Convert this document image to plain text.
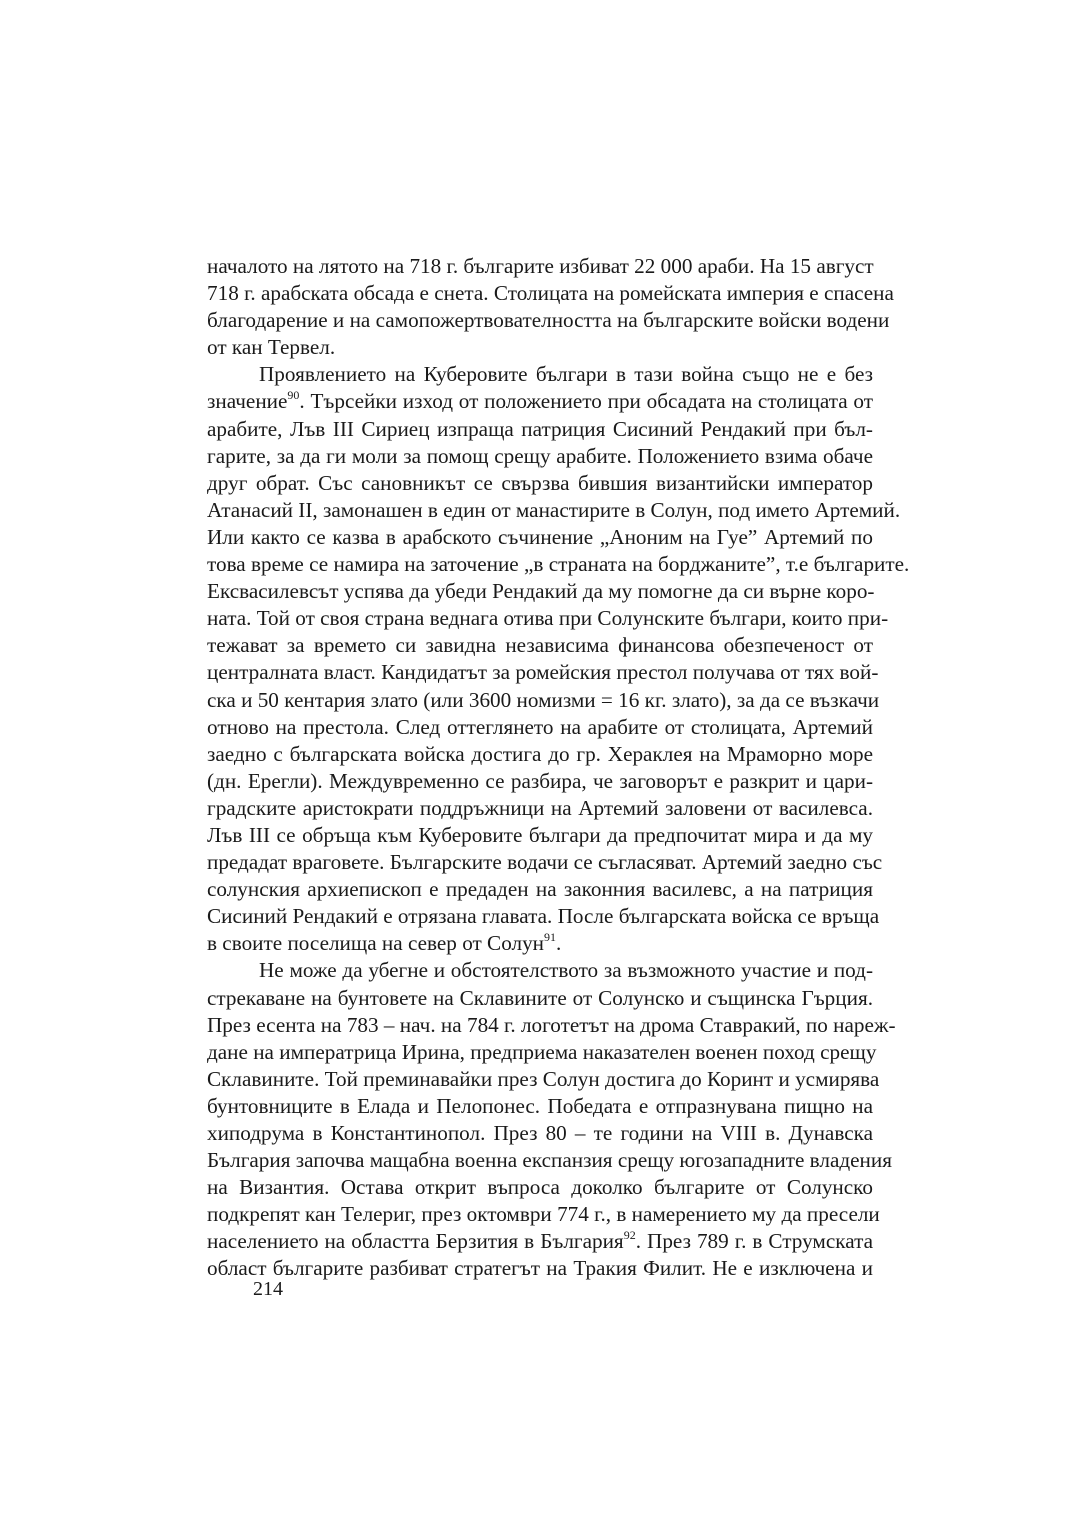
началото на лятото на 718 г. българите избиват 22 000 араби. На 15 август
718 г. арабската обсада е снета. Столицата на ромейската империя е спасена
благодарение и на самопожертвователността на българските войски водени
от кан Тервел.
Проявлението на Куберовите българи в тази война също не е без
значение$^{90}$. Търсейки изход от положението при обсадата на столицата от
арабите, Лъв III Сириец изпраща патриция Сисиний Рендакий при бъл-
гарите, за да ги моли за помощ срещу арабите. Положението взима обаче
друг обрат. Със сановникът се свързва бившия византийски император
Атанасий II, замонашен в един от манастирите в Солун, под името Артемий.
Или както се казва в арабското съчинение „Аноним на Гуе” Артемий по
това време се намира на заточение „в страната на борджаните”, т.е българите.
Ексвасилевсът успява да убеди Рендакий да му помогне да си върне коро-
ната. Той от своя страна веднага отива при Солунските българи, които при-
тежават за времето си завидна независима финансова обезпеченост от
централната власт. Кандидатът за ромейския престол получава от тях вой-
ска и 50 кентария злато (или 3600 номизми = 16 кг. злато), за да се възкачи
отново на престола. След оттеглянето на арабите от столицата, Артемий
заедно с българската войска достига до гр. Хераклея на Мраморно море
(дн. Ерегли). Междувременно се разбира, че заговорът е разкрит и цари-
градските аристократи поддръжници на Артемий заловени от василевса.
Лъв III се обръща към Куберовите българи да предпочитат мира и да му
предадат враговете. Българските водачи се съгласяват. Артемий заедно със
солунския архиепископ е предаден на законния василевс, а на патриция
Сисиний Рендакий е отрязана главата. После българската войска се връща
в своите поселища на север от Солун$^{91}$.
Не може да убегне и обстоятелството за възможното участие и под-
стрекаване на бунтовете на Склавините от Солунско и същинска Гърция.
През есента на 783 – нач. на 784 г. логотетът на дрома Ставракий, по нареж-
дане на императрица Ирина, предприема наказателен военен поход срещу
Склавините. Той преминавайки през Солун достига до Коринт и усмирява
бунтовниците в Елада и Пелопонес. Победата е отпразнувана пищно на
хиподрума в Константинопол. През 80 – те години на VIII в. Дунавска
България започва мащабна военна експанзия срещу югозападните владения
на Византия. Остава открит въпроса доколко българите от Солунско
подкрепят кан Телериг, през октомври 774 г., в намерението му да пресели
населението на областта Берзития в България$^{92}$. През 789 г. в Струмската
област българите разбиват стратегът на Тракия Филит. Не е изключена и
214
